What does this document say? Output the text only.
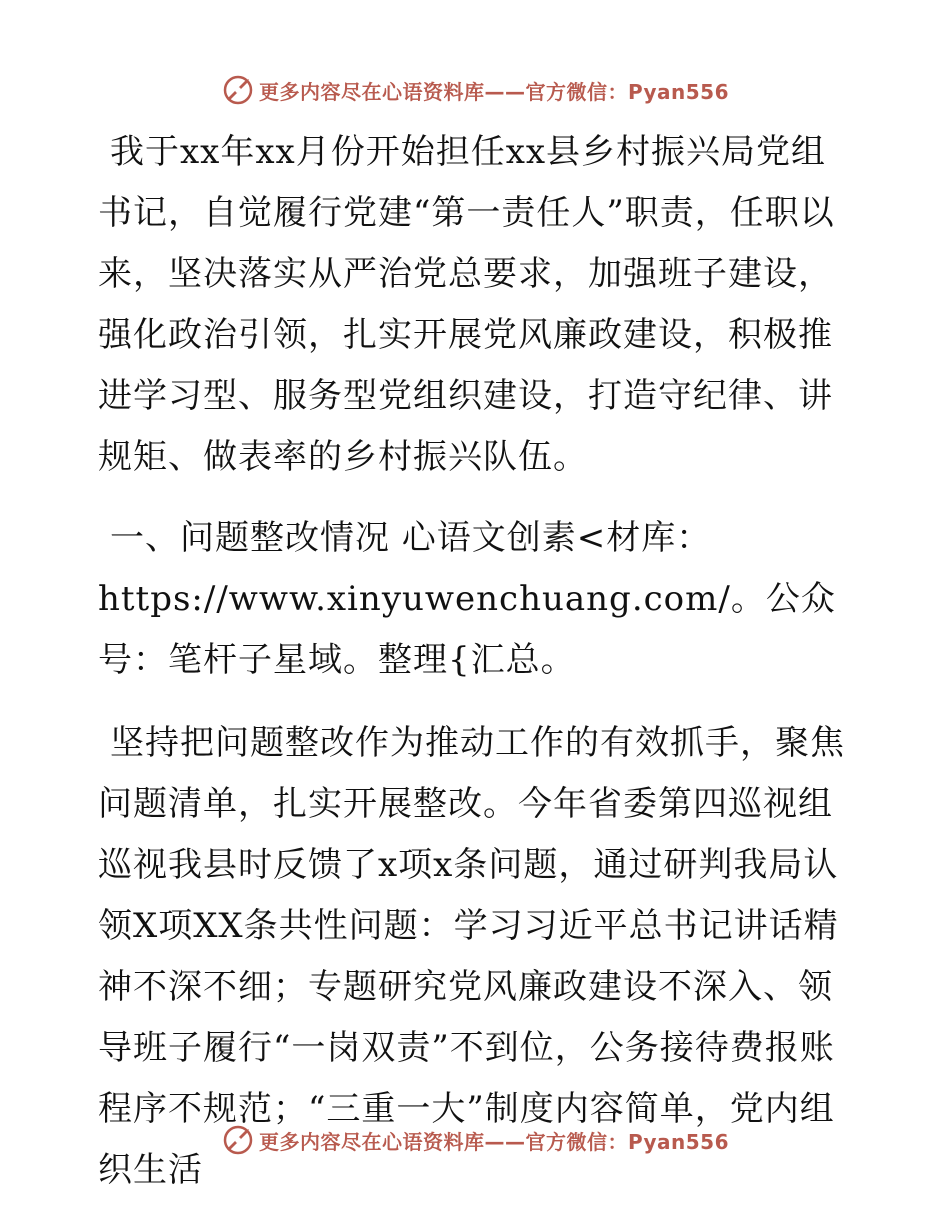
更多内容尽在心语资料库——官方微信：Pyan556

我于xx年xx月份开始担任xx县乡村振兴局党组书记，自觉履行党建“第一责任人”职责，任职以来，坚决落实从严治党总要求，加强班子建设，强化政治引领，扎实开展党风廉政建设，积极推进学习型、服务型党组织建设，打造守纪律、讲规矩、做表率的乡村振兴队伍。

一、问题整改情况 心语文创素<材库：https://www.xinyuwenchuang.com/。公众号：笔杆子星域。整理{汇总。

坚持把问题整改作为推动工作的有效抓手，聚焦问题清单，扎实开展整改。今年省委第四巡视组巡视我县时反馈了x项x条问题，通过研判我局认领X项XX条共性问题：学习习近平总书记讲话精神不深不细；专题研究党风廉政建设不深入、领导班子履行“一岗双责”不到位，公务接待费报账程序不规范；“三重一大”制度内容简单，党内组织生活

更多内容尽在心语资料库——官方微信：Pyan556
